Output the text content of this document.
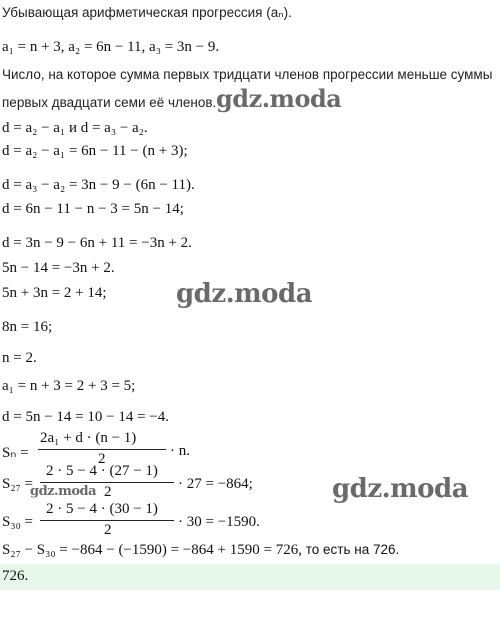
Убывающая арифметическая прогрессия (aₙ).
a₁ = n + 3, a₂ = 6n − 11, a₃ = 3n − 9.
Число, на которое сумма первых тридцати членов прогрессии меньше суммы
первых двадцати семи её членов. gdz.moda
d = a₂ − a₁ и d = a₃ − a₂.
d = a₂ − a₁ = 6n − 11 − (n + 3);
d = a₃ − a₂ = 3n − 9 − (6n − 11).
d = 6n − 11 − n − 3 = 5n − 14;
d = 3n − 9 − 6n + 11 = −3n + 2.
5n − 14 = −3n + 2.
5n + 3n = 2 + 14;	gdz.moda
8n = 16;
n = 2.
a₁ = n + 3 = 2 + 3 = 5;
d = 5n − 14 = 10 − 14 = −4.
Sₙ =
2a₁ + d · (n − 1)
2	· n.
S₂₇ =
2 · 5 − 4 · (27 − 1)
2	· 27 = −864;
gdz.moda	gdz.moda
S₃₀ =
2 · 5 − 4 · (30 − 1)
2	· 30 = −1590.
S₂₇ − S₃₀ = −864 − (−1590) = −864 + 1590 = 726, то есть на 726.
726.
